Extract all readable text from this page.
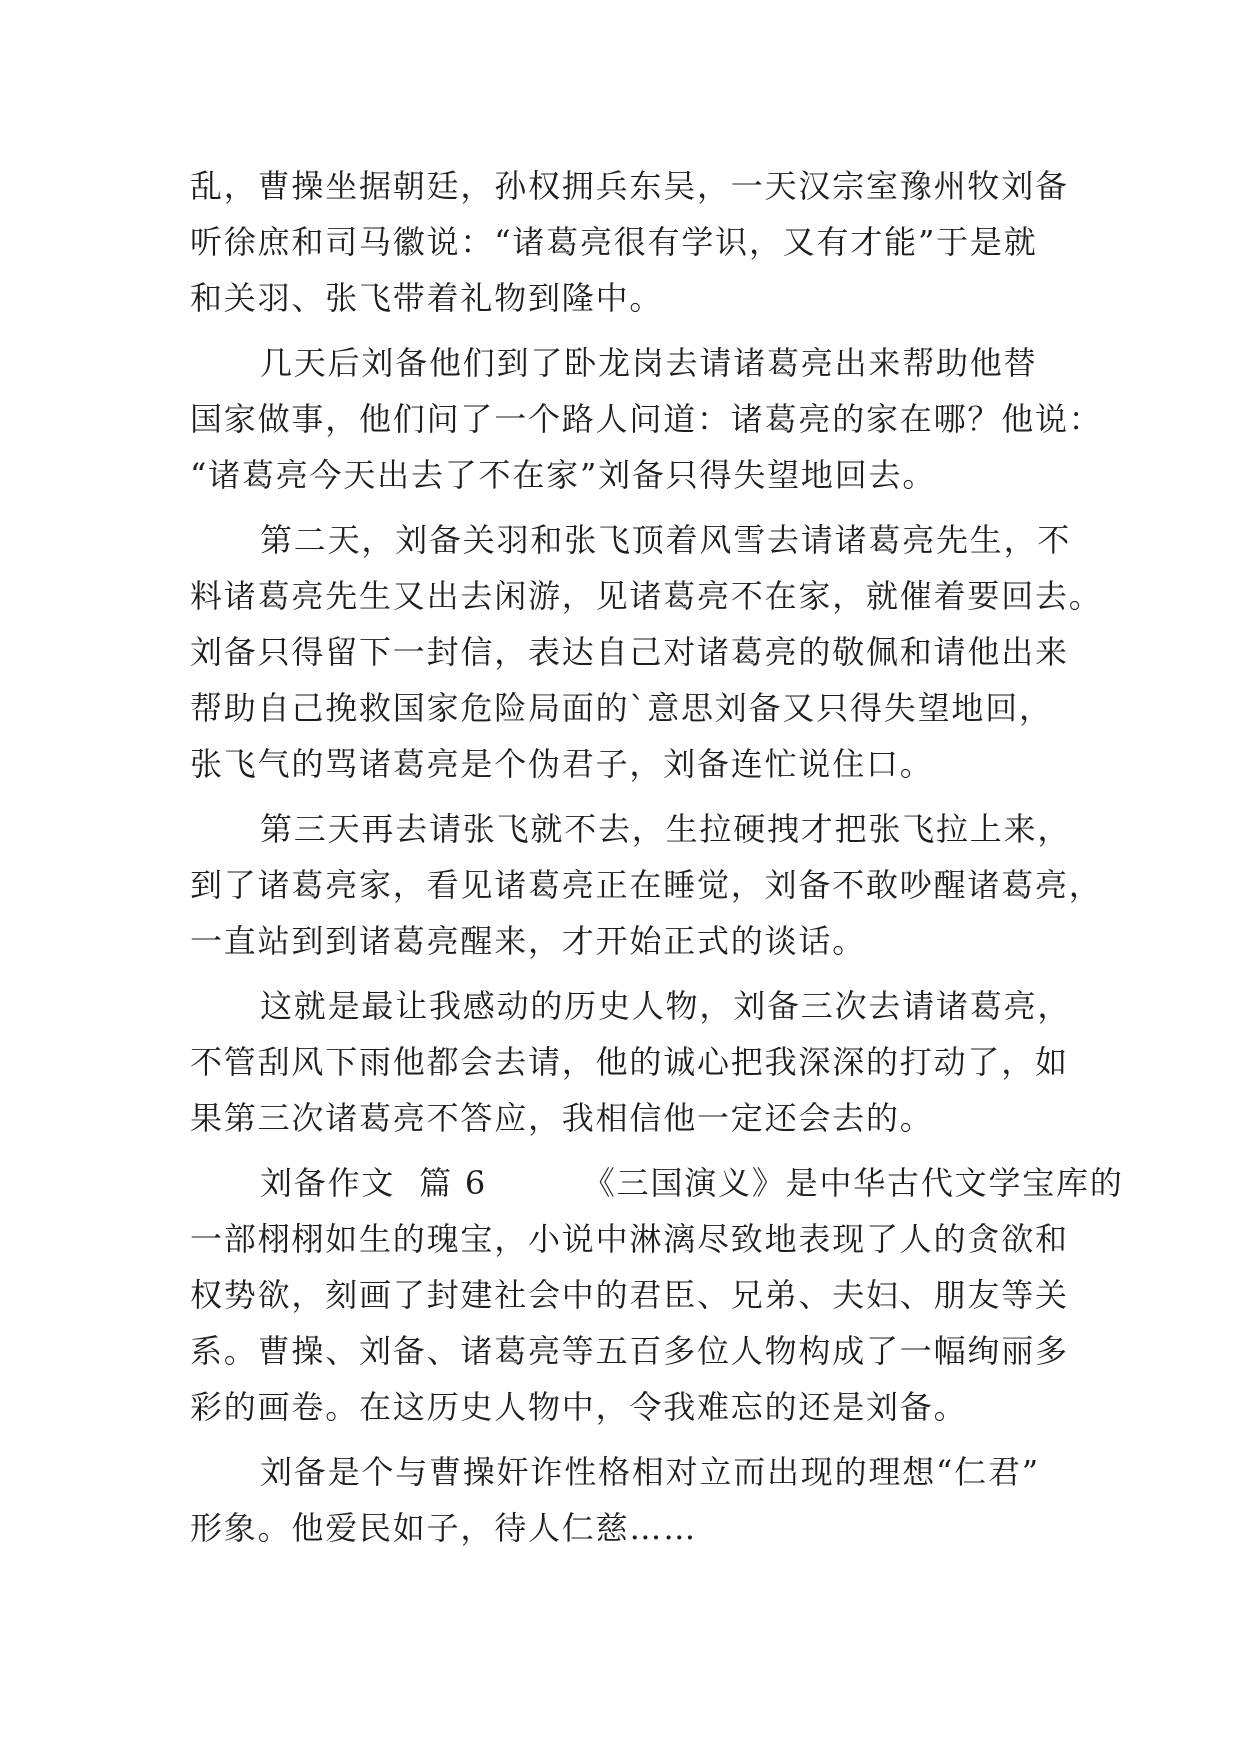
乱，曹操坐据朝廷，孙权拥兵东吴，一天汉宗室豫州牧刘备
听徐庶和司马徽说：“诸葛亮很有学识，又有才能”于是就
和关羽、张飞带着礼物到隆中。
几天后刘备他们到了卧龙岗去请诸葛亮出来帮助他替
国家做事，他们问了一个路人问道：诸葛亮的家在哪？他说：
“诸葛亮今天出去了不在家”刘备只得失望地回去。
第二天，刘备关羽和张飞顶着风雪去请诸葛亮先生，不
料诸葛亮先生又出去闲游，见诸葛亮不在家，就催着要回去。
刘备只得留下一封信，表达自己对诸葛亮的敬佩和请他出来
帮助自己挽救国家危险局面的`意思刘备又只得失望地回，
张飞气的骂诸葛亮是个伪君子，刘备连忙说住口。
第三天再去请张飞就不去，生拉硬拽才把张飞拉上来，
到了诸葛亮家，看见诸葛亮正在睡觉，刘备不敢吵醒诸葛亮，
一直站到到诸葛亮醒来，才开始正式的谈话。
这就是最让我感动的历史人物，刘备三次去请诸葛亮，
不管刮风下雨他都会去请，他的诚心把我深深的打动了，如
果第三次诸葛亮不答应，我相信他一定还会去的。
刘备作文  篇 6        《三国演义》是中华古代文学宝库的
一部栩栩如生的瑰宝，小说中淋漓尽致地表现了人的贪欲和
权势欲，刻画了封建社会中的君臣、兄弟、夫妇、朋友等关
系。曹操、刘备、诸葛亮等五百多位人物构成了一幅绚丽多
彩的画卷。在这历史人物中，令我难忘的还是刘备。
刘备是个与曹操奸诈性格相对立而出现的理想“仁君”
形象。他爱民如子，待人仁慈……
